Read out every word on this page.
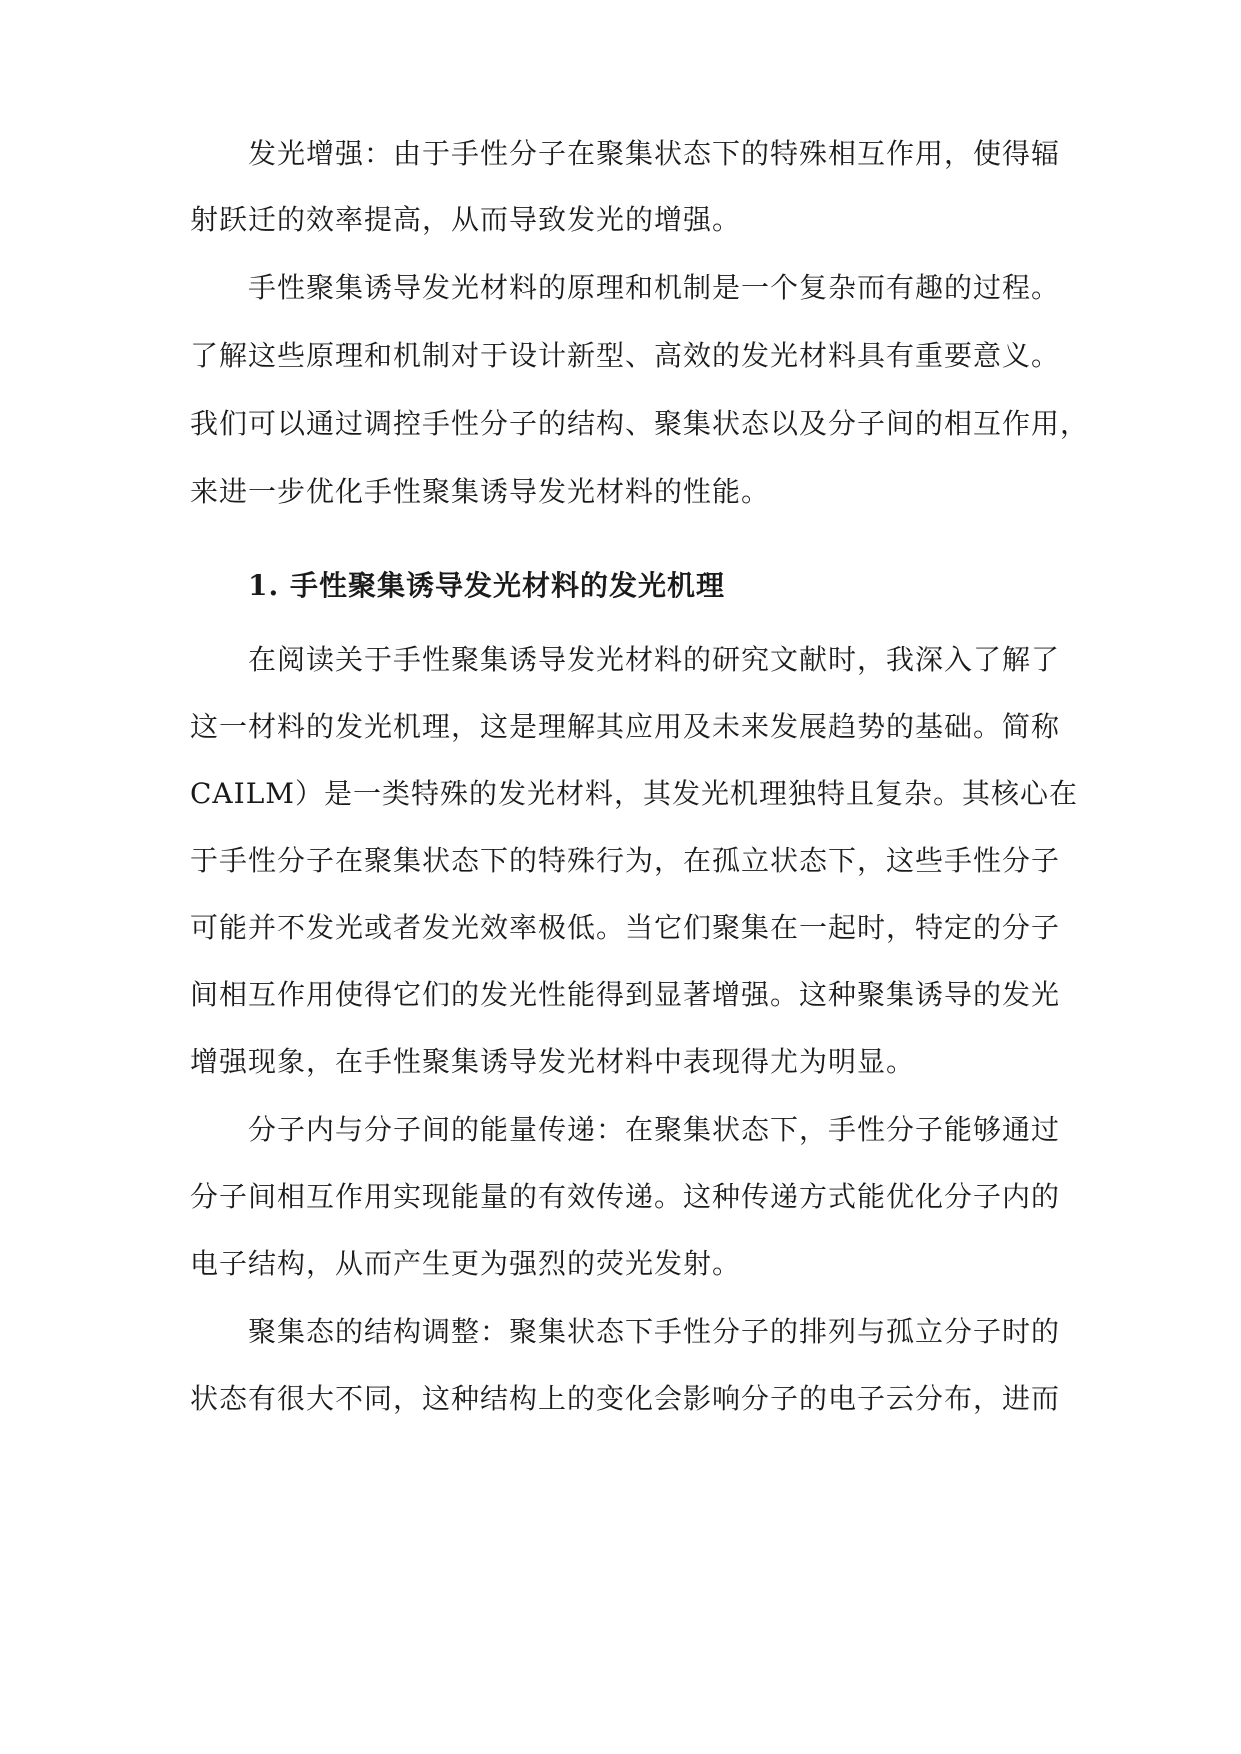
发光增强：由于手性分子在聚集状态下的特殊相互作用，使得辐

射跃迁的效率提高，从而导致发光的增强。

手性聚集诱导发光材料的原理和机制是一个复杂而有趣的过程。

了解这些原理和机制对于设计新型、高效的发光材料具有重要意义。

我们可以通过调控手性分子的结构、聚集状态以及分子间的相互作用，

来进一步优化手性聚集诱导发光材料的性能。

1. 手性聚集诱导发光材料的发光机理

在阅读关于手性聚集诱导发光材料的研究文献时，我深入了解了

这一材料的发光机理，这是理解其应用及未来发展趋势的基础。简称

CAILM）是一类特殊的发光材料，其发光机理独特且复杂。其核心在

于手性分子在聚集状态下的特殊行为，在孤立状态下，这些手性分子

可能并不发光或者发光效率极低。当它们聚集在一起时，特定的分子

间相互作用使得它们的发光性能得到显著增强。这种聚集诱导的发光

增强现象，在手性聚集诱导发光材料中表现得尤为明显。

分子内与分子间的能量传递：在聚集状态下，手性分子能够通过

分子间相互作用实现能量的有效传递。这种传递方式能优化分子内的

电子结构，从而产生更为强烈的荧光发射。

聚集态的结构调整：聚集状态下手性分子的排列与孤立分子时的

状态有很大不同，这种结构上的变化会影响分子的电子云分布，进而
